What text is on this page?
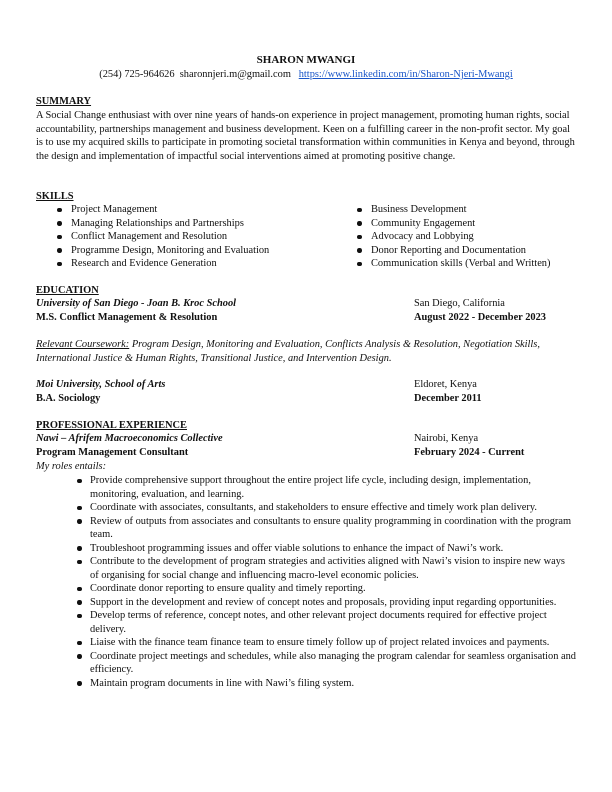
SHARON MWANGI
(254) 725-964626 sharonnjeri.m@gmail.com https://www.linkedin.com/in/Sharon-Njeri-Mwangi
SUMMARY
A Social Change enthusiast with over nine years of hands-on experience in project management, promoting human rights, social accountability, partnerships management and business development. Keen on a fulfilling career in the non-profit sector. My goal is to use my acquired skills to participate in promoting societal transformation within communities in Kenya and beyond, through the design and implementation of impactful social interventions aimed at promoting positive change.
SKILLS
Project Management
Managing Relationships and Partnerships
Conflict Management and Resolution
Programme Design, Monitoring and Evaluation
Research and Evidence Generation
Business Development
Community Engagement
Advocacy and Lobbying
Donor Reporting and Documentation
Communication skills (Verbal and Written)
EDUCATION
University of San Diego - Joan B. Kroc School	San Diego, California
M.S. Conflict Management & Resolution	August 2022 - December 2023
Relevant Coursework: Program Design, Monitoring and Evaluation, Conflicts Analysis & Resolution, Negotiation Skills, International Justice & Human Rights, Transitional Justice, and Intervention Design.
Moi University, School of Arts	Eldoret, Kenya
B.A. Sociology	December 2011
PROFESSIONAL EXPERIENCE
Nawi – Afrifem Macroeconomics Collective	Nairobi, Kenya
Program Management Consultant	February 2024 - Current
My roles entails:
Provide comprehensive support throughout the entire project life cycle, including design, implementation, monitoring, evaluation, and learning.
Coordinate with associates, consultants, and stakeholders to ensure effective and timely work plan delivery.
Review of outputs from associates and consultants to ensure quality programming in coordination with the program team.
Troubleshoot programming issues and offer viable solutions to enhance the impact of Nawi’s work.
Contribute to the development of program strategies and activities aligned with Nawi’s vision to inspire new ways of organising for social change and influencing macro-level economic policies.
Coordinate donor reporting to ensure quality and timely reporting.
Support in the development and review of concept notes and proposals, providing input regarding opportunities.
Develop terms of reference, concept notes, and other relevant project documents required for effective project delivery.
Liaise with the finance team finance team to ensure timely follow up of project related invoices and payments.
Coordinate project meetings and schedules, while also managing the program calendar for seamless organisation and efficiency.
Maintain program documents in line with Nawi’s filing system.
